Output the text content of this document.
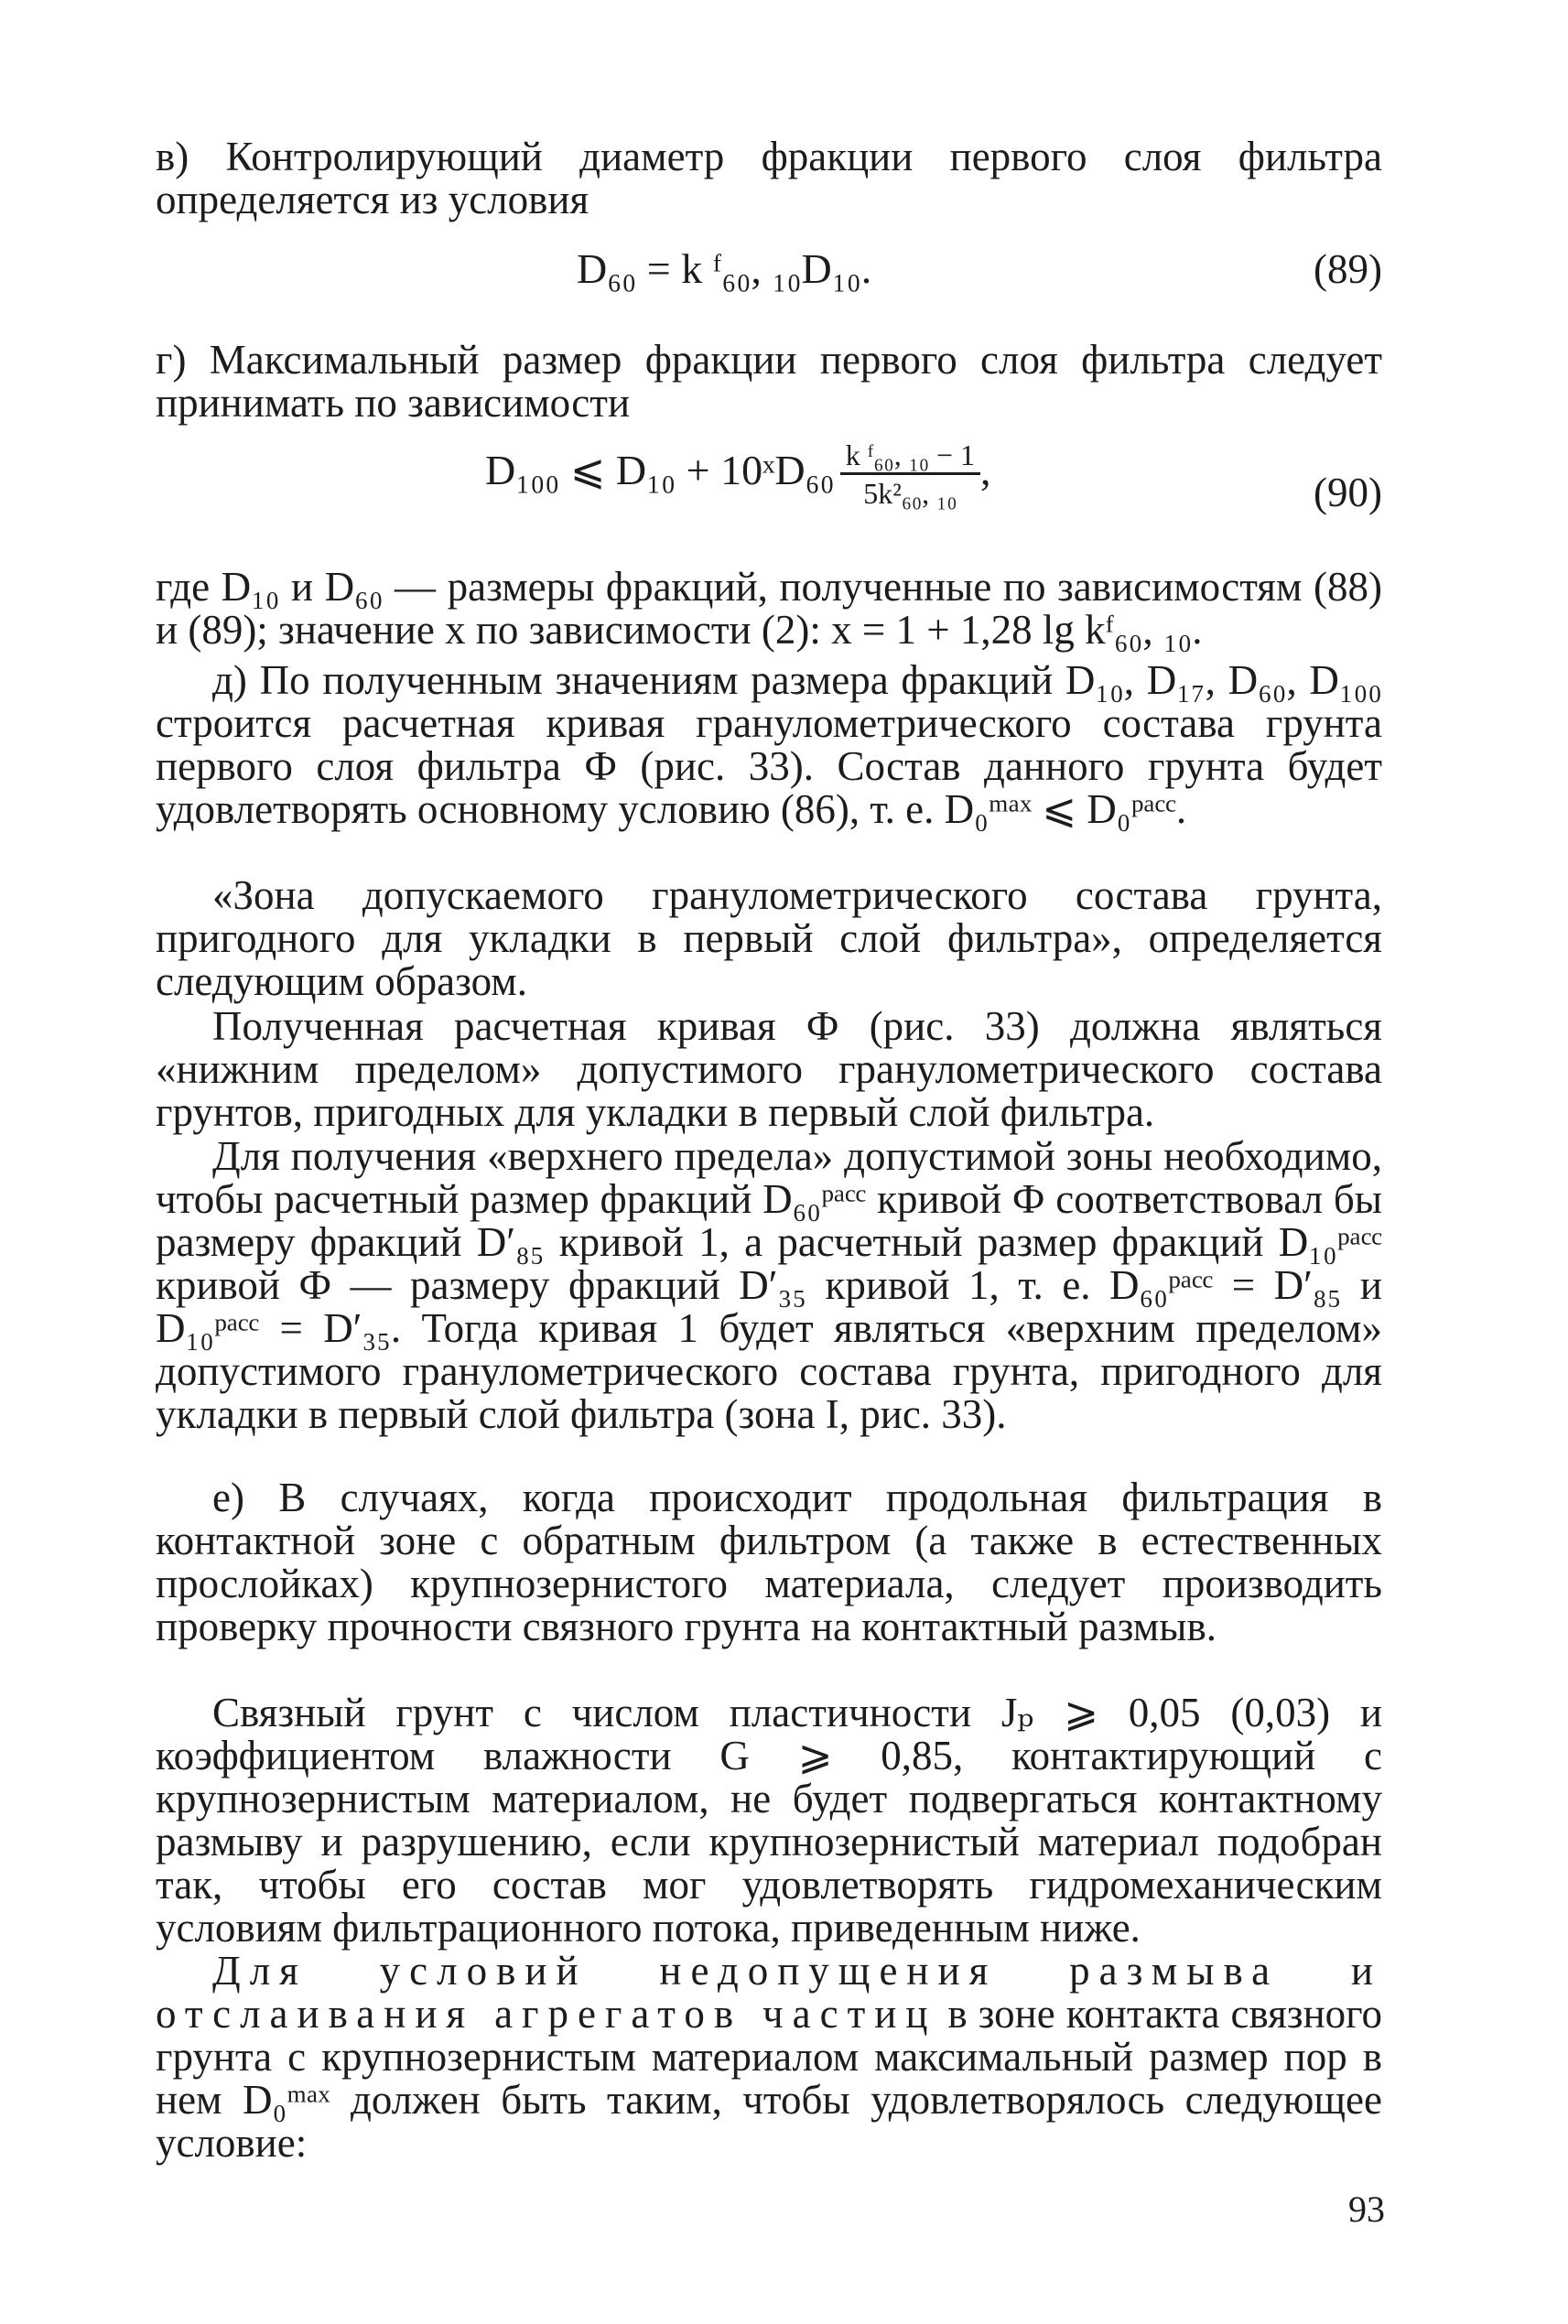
в) Контролирующий диаметр фракции первого слоя фильтра определяется из условия

D₆₀ = k ᶠ₆₀, ₁₀D₁₀.	(89)

г) Максимальный размер фракции первого слоя фильтра следует принимать по зависимости

D₁₀₀ ⩽ D₁₀ + 10ˣD₆₀ $\frac{\text{k ᶠ₆₀, ₁₀ − 1}}{\text{5k²₆₀, ₁₀}}$ ,	(90)

где D₁₀ и D₆₀ — размеры фракций, полученные по зависимостям (88) и (89); значение x по зависимости (2): x = 1 + 1,28 lg kᶠ₆₀, ₁₀.

д) По полученным значениям размера фракций D₁₀, D₁₇, D₆₀, D₁₀₀ строится расчетная кривая гранулометрического состава грунта первого слоя фильтра Ф (рис. 33). Состав данного грунта будет удовлетворять основному условию (86), т. е. D₀ᵐᵃˣ ⩽ D₀ᵖᵃᶜᶜ.

«Зона допускаемого гранулометрического состава грунта, пригодного для укладки в первый слой фильтра», определяется следующим образом.

Полученная расчетная кривая Ф (рис. 33) должна являться «нижним пределом» допустимого гранулометрического состава грунтов, пригодных для укладки в первый слой фильтра.

Для получения «верхнего предела» допустимой зоны необходимо, чтобы расчетный размер фракций D₆₀ᵖᵃᶜᶜ кривой Ф соответствовал бы размеру фракций D′₈₅ кривой 1, а расчетный размер фракций D₁₀ᵖᵃᶜᶜ кривой Ф — размеру фракций D′₃₅ кривой 1, т. е. D₆₀ᵖᵃᶜᶜ = D′₈₅ и D₁₀ᵖᵃᶜᶜ = D′₃₅. Тогда кривая 1 будет являться «верхним пределом» допустимого гранулометрического состава грунта, пригодного для укладки в первый слой фильтра (зона I, рис. 33).

е) В случаях, когда происходит продольная фильтрация в контактной зоне с обратным фильтром (а также в естественных прослойках) крупнозернистого материала, следует производить проверку прочности связного грунта на контактный размыв.

Связный грунт с числом пластичности Jₚ ⩾ 0,05 (0,03) и коэффициентом влажности G ⩾ 0,85, контактирующий с крупнозернистым материалом, не будет подвергаться контактному размыву и разрушению, если крупнозернистый материал подобран так, чтобы его состав мог удовлетворять гидромеханическим условиям фильтрационного потока, приведенным ниже.

Для условий недопущения размыва и отслаивания агрегатов частиц в зоне контакта связного грунта с крупнозернистым материалом максимальный размер пор в нем D₀ᵐᵃˣ должен быть таким, чтобы удовлетворялось следующее условие:

93
